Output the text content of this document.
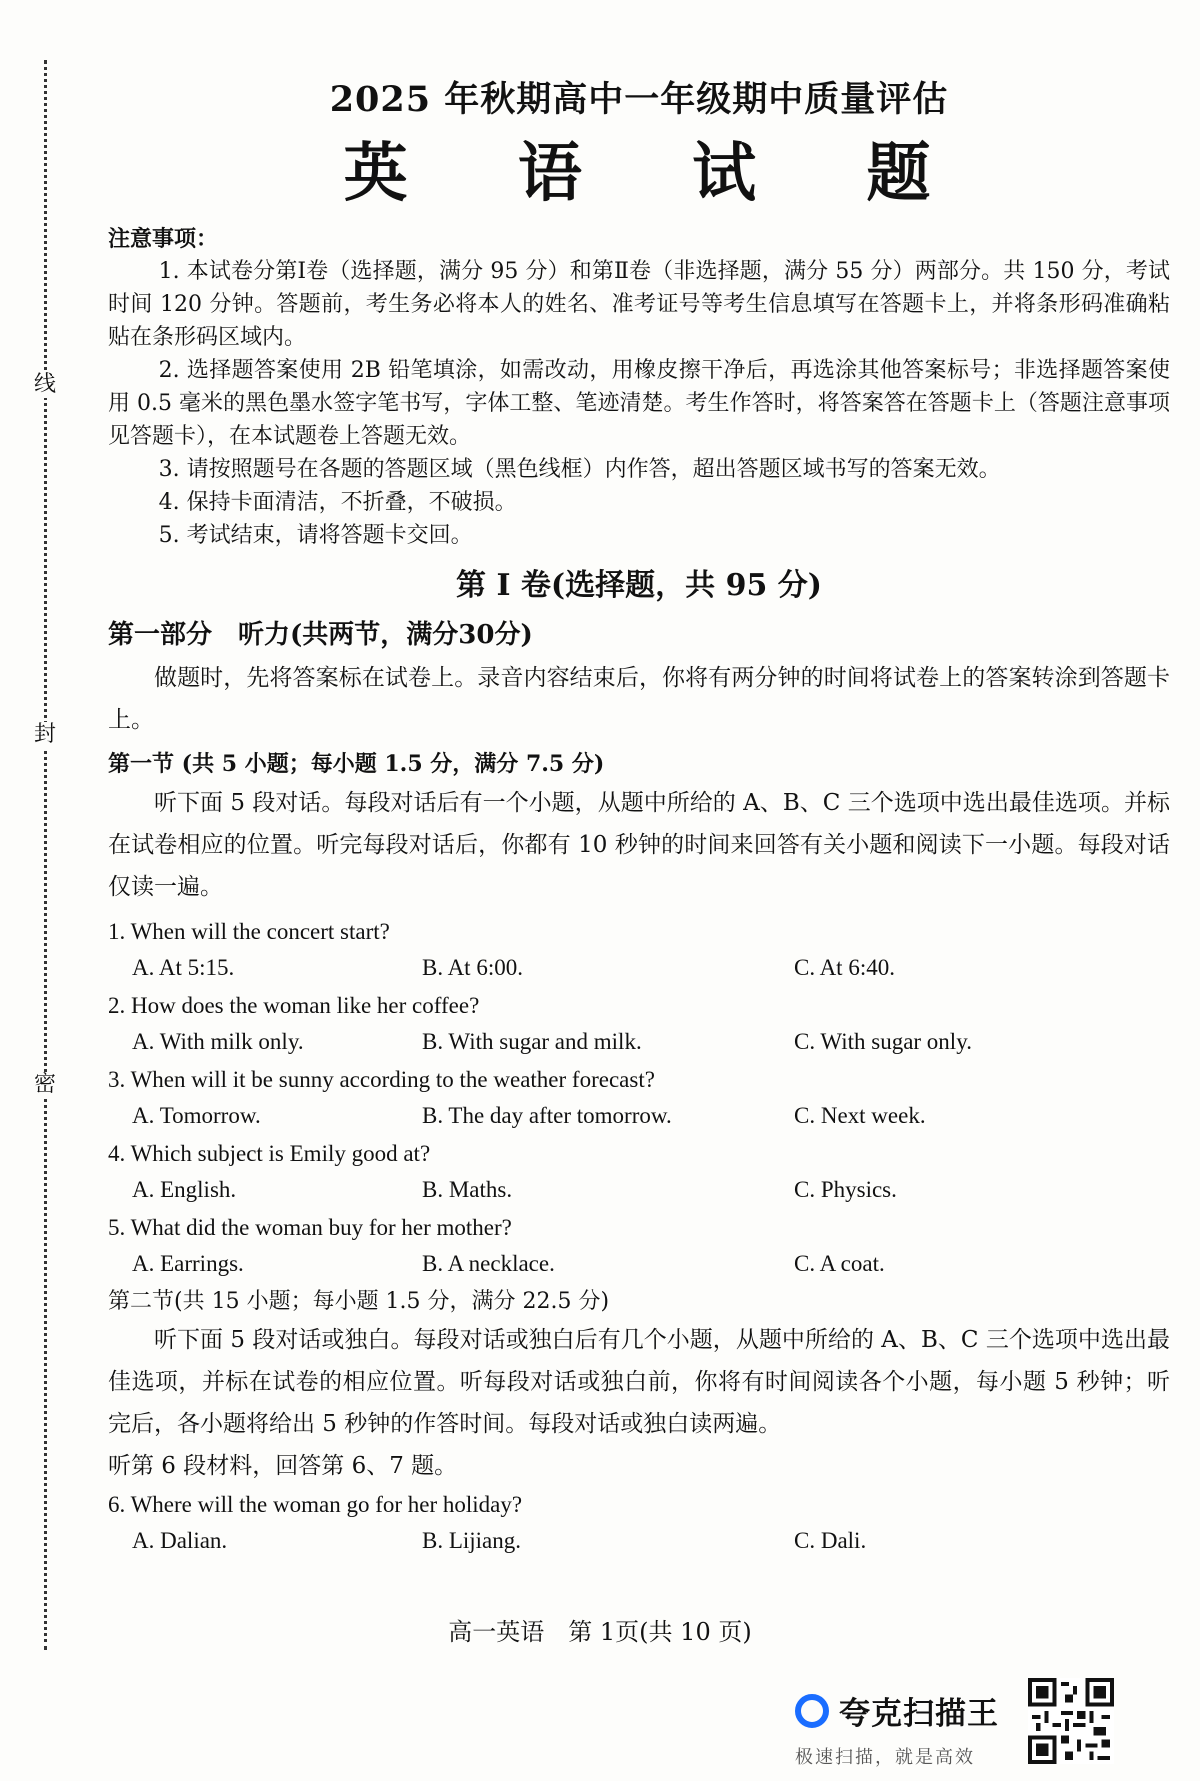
线
封
密
2025 年秋期高中一年级期中质量评估
英 语 试 题
注意事项：

1. 本试卷分第Ⅰ卷（选择题，满分 95 分）和第Ⅱ卷（非选择题，满分 55 分）两部分。共 150 分，考试时间 120 分钟。答题前，考生务必将本人的姓名、准考证号等考生信息填写在答题卡上，并将条形码准确粘贴在条形码区域内。

2. 选择题答案使用 2B 铅笔填涂，如需改动，用橡皮擦干净后，再选涂其他答案标号；非选择题答案使用 0.5 毫米的黑色墨水签字笔书写，字体工整、笔迹清楚。考生作答时，将答案答在答题卡上（答题注意事项见答题卡），在本试题卷上答题无效。

3. 请按照题号在各题的答题区域（黑色线框）内作答，超出答题区域书写的答案无效。

4. 保持卡面清洁，不折叠，不破损。

5. 考试结束，请将答题卡交回。

第 I 卷(选择题，共 95 分)
第一部分　听力(共两节，满分30分)

做题时，先将答案标在试卷上。录音内容结束后，你将有两分钟的时间将试卷上的答案转涂到答题卡上。

第一节 (共 5 小题；每小题 1.5 分，满分 7.5 分)

听下面 5 段对话。每段对话后有一个小题，从题中所给的 A、B、C 三个选项中选出最佳选项。并标在试卷相应的位置。听完每段对话后，你都有 10 秒钟的时间来回答有关小题和阅读下一小题。每段对话仅读一遍。

1. When will the concert start?
A. At 5:15.	B. At 6:00.	C. At 6:40.
2. How does the woman like her coffee?
A. With milk only.	B. With sugar and milk.	C. With sugar only.
3. When will it be sunny according to the weather forecast?
A. Tomorrow.	B. The day after tomorrow.	C. Next week.
4. Which subject is Emily good at?
A. English.	B. Maths.	C. Physics.
5. What did the woman buy for her mother?
A. Earrings.	B. A necklace.	C. A coat.
第二节(共 15 小题；每小题 1.5 分，满分 22.5 分)

听下面 5 段对话或独白。每段对话或独白后有几个小题，从题中所给的 A、B、C 三个选项中选出最佳选项，并标在试卷的相应位置。听每段对话或独白前，你将有时间阅读各个小题，每小题 5 秒钟；听完后，各小题将给出 5 秒钟的作答时间。每段对话或独白读两遍。

听第 6 段材料，回答第 6、7 题。

6. Where will the woman go for her holiday?
A. Dalian.	B. Lijiang.	C. Dali.
高一英语　第 1页(共 10 页)
夸克扫描王
极速扫描，就是高效
